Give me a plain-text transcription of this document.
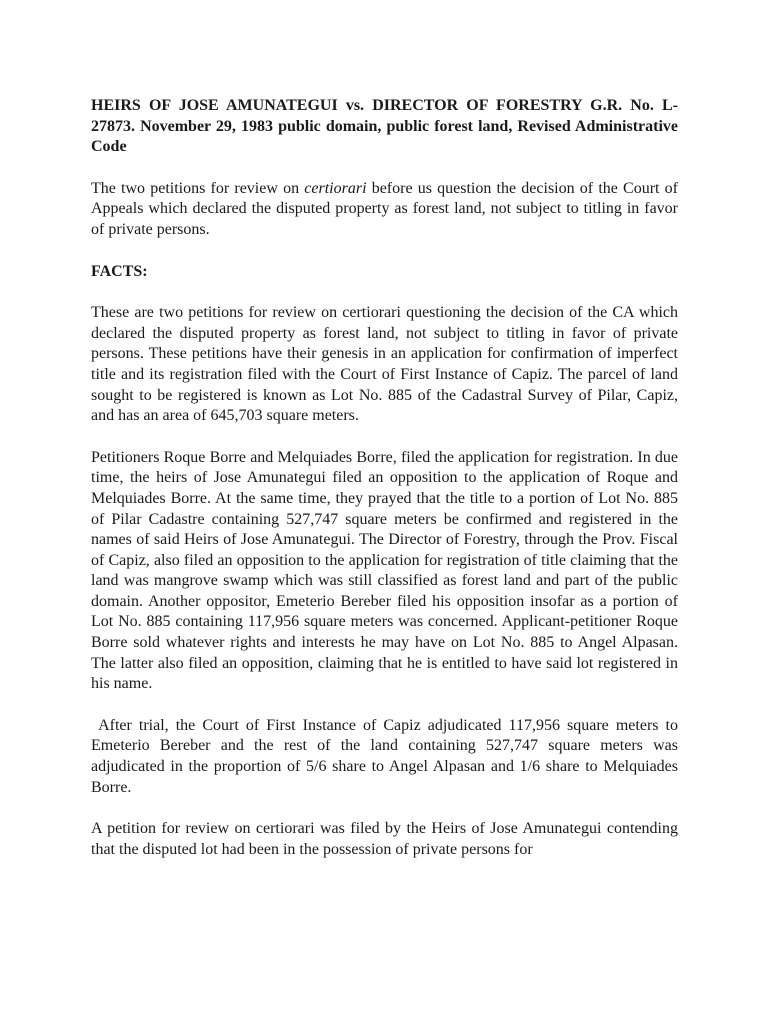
HEIRS OF JOSE AMUNATEGUI vs. DIRECTOR OF FORESTRY G.R. No. L-27873. November 29, 1983 public domain, public forest land, Revised Administrative Code

The two petitions for review on certiorari before us question the decision of the Court of Appeals which declared the disputed property as forest land, not subject to titling in favor of private persons.

FACTS:

These are two petitions for review on certiorari questioning the decision of the CA which declared the disputed property as forest land, not subject to titling in favor of private persons. These petitions have their genesis in an application for confirmation of imperfect title and its registration filed with the Court of First Instance of Capiz. The parcel of land sought to be registered is known as Lot No. 885 of the Cadastral Survey of Pilar, Capiz, and has an area of 645,703 square meters.

Petitioners Roque Borre and Melquiades Borre, filed the application for registration. In due time, the heirs of Jose Amunategui filed an opposition to the application of Roque and Melquiades Borre. At the same time, they prayed that the title to a portion of Lot No. 885 of Pilar Cadastre containing 527,747 square meters be confirmed and registered in the names of said Heirs of Jose Amunategui. The Director of Forestry, through the Prov. Fiscal of Capiz, also filed an opposition to the application for registration of title claiming that the land was mangrove swamp which was still classified as forest land and part of the public domain. Another oppositor, Emeterio Bereber filed his opposition insofar as a portion of Lot No. 885 containing 117,956 square meters was concerned. Applicant-petitioner Roque Borre sold whatever rights and interests he may have on Lot No. 885 to Angel Alpasan. The latter also filed an opposition, claiming that he is entitled to have said lot registered in his name.

After trial, the Court of First Instance of Capiz adjudicated 117,956 square meters to Emeterio Bereber and the rest of the land containing 527,747 square meters was adjudicated in the proportion of 5/6 share to Angel Alpasan and 1/6 share to Melquiades Borre.

A petition for review on certiorari was filed by the Heirs of Jose Amunategui contending that the disputed lot had been in the possession of private persons for
